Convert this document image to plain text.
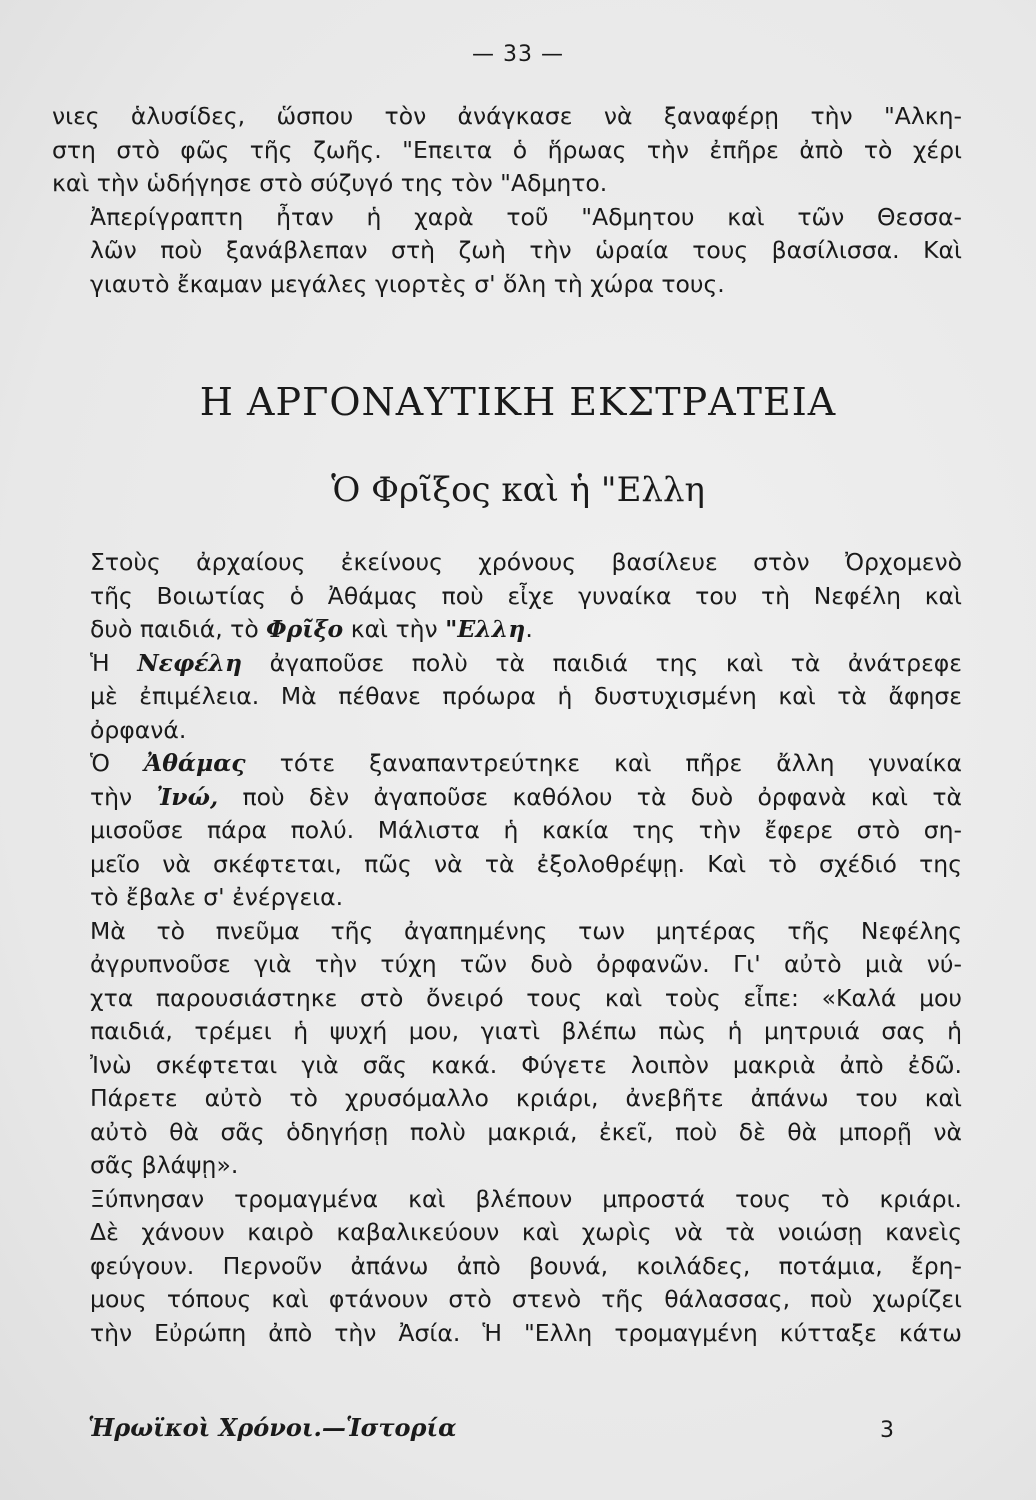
— 33 —

νιες ἁλυσίδες, ὥσπου τὸν ἀνάγκασε νὰ ξαναφέρῃ τὴν "Αλκη-
στη στὸ φῶς τῆς ζωῆς. "Επειτα ὁ ἥρωας τὴν ἐπῆρε ἀπὸ τὸ χέρι
καὶ τὴν ὡδήγησε στὸ σύζυγό της τὸν "Αδμητο.

Ἀπερίγραπτη ἦταν ἡ χαρὰ τοῦ "Αδμητου καὶ τῶν Θεσσα-
λῶν ποὺ ξανάβλεπαν στὴ ζωὴ τὴν ὡραία τους βασίλισσα. Καὶ
γιαυτὸ ἔκαμαν μεγάλες γιορτὲς σ' ὅλη τὴ χώρα τους.

Η ΑΡΓΟΝΑΥΤΙΚΗ ΕΚΣΤΡΑΤΕΙΑ
Ὁ Φρῖξος καὶ ἡ "Ελλη

Στοὺς ἀρχαίους ἐκείνους χρόνους βασίλευε στὸν Ὀρχομενὸ
τῆς Βοιωτίας ὁ Ἀθάμας ποὺ εἶχε γυναίκα του τὴ Νεφέλη καὶ
δυὸ παιδιά, τὸ Φρῖξο καὶ τὴν "Ελλη.

Ἡ Νεφέλη ἀγαποῦσε πολὺ τὰ παιδιά της καὶ τὰ ἀνάτρεφε
μὲ ἐπιμέλεια. Μὰ πέθανε πρόωρα ἡ δυστυχισμένη καὶ τὰ ἄφησε
ὀρφανά.

Ὁ Ἀθάμας τότε ξαναπαντρεύτηκε καὶ πῆρε ἄλλη γυναίκα
τὴν Ἰνώ, ποὺ δὲν ἀγαποῦσε καθόλου τὰ δυὸ ὀρφανὰ καὶ τὰ
μισοῦσε πάρα πολύ. Μάλιστα ἡ κακία της τὴν ἔφερε στὸ ση-
μεῖο νὰ σκέφτεται, πῶς νὰ τὰ ἐξολοθρέψῃ. Καὶ τὸ σχέδιό της
τὸ ἔβαλε σ' ἐνέργεια.

Μὰ τὸ πνεῦμα τῆς ἀγαπημένης των μητέρας τῆς Νεφέλης
ἀγρυπνοῦσε γιὰ τὴν τύχη τῶν δυὸ ὀρφανῶν. Γι' αὐτὸ μιὰ νύ-
χτα παρουσιάστηκε στὸ ὄνειρό τους καὶ τοὺς εἶπε: «Καλά μου
παιδιά, τρέμει ἡ ψυχή μου, γιατὶ βλέπω πὼς ἡ μητρυιά σας ἡ
Ἰνὼ σκέφτεται γιὰ σᾶς κακά. Φύγετε λοιπὸν μακριὰ ἀπὸ ἐδῶ.
Πάρετε αὐτὸ τὸ χρυσόμαλλο κριάρι, ἀνεβῆτε ἀπάνω του καὶ
αὐτὸ θὰ σᾶς ὁδηγήσῃ πολὺ μακριά, ἐκεῖ, ποὺ δὲ θὰ μπορῇ νὰ
σᾶς βλάψῃ».

Ξύπνησαν τρομαγμένα καὶ βλέπουν μπροστά τους τὸ κριάρι.
Δὲ χάνουν καιρὸ καβαλικεύουν καὶ χωρὶς νὰ τὰ νοιώσῃ κανεὶς
φεύγουν. Περνοῦν ἀπάνω ἀπὸ βουνά, κοιλάδες, ποτάμια, ἔρη-
μους τόπους καὶ φτάνουν στὸ στενὸ τῆς θάλασσας, ποὺ χωρίζει
τὴν Εὐρώπη ἀπὸ τὴν Ἀσία. Ἡ "Ελλη τρομαγμένη κύτταξε κάτω

Ἡρωϊκοὶ Χρόνοι.—Ἱστορία	3
